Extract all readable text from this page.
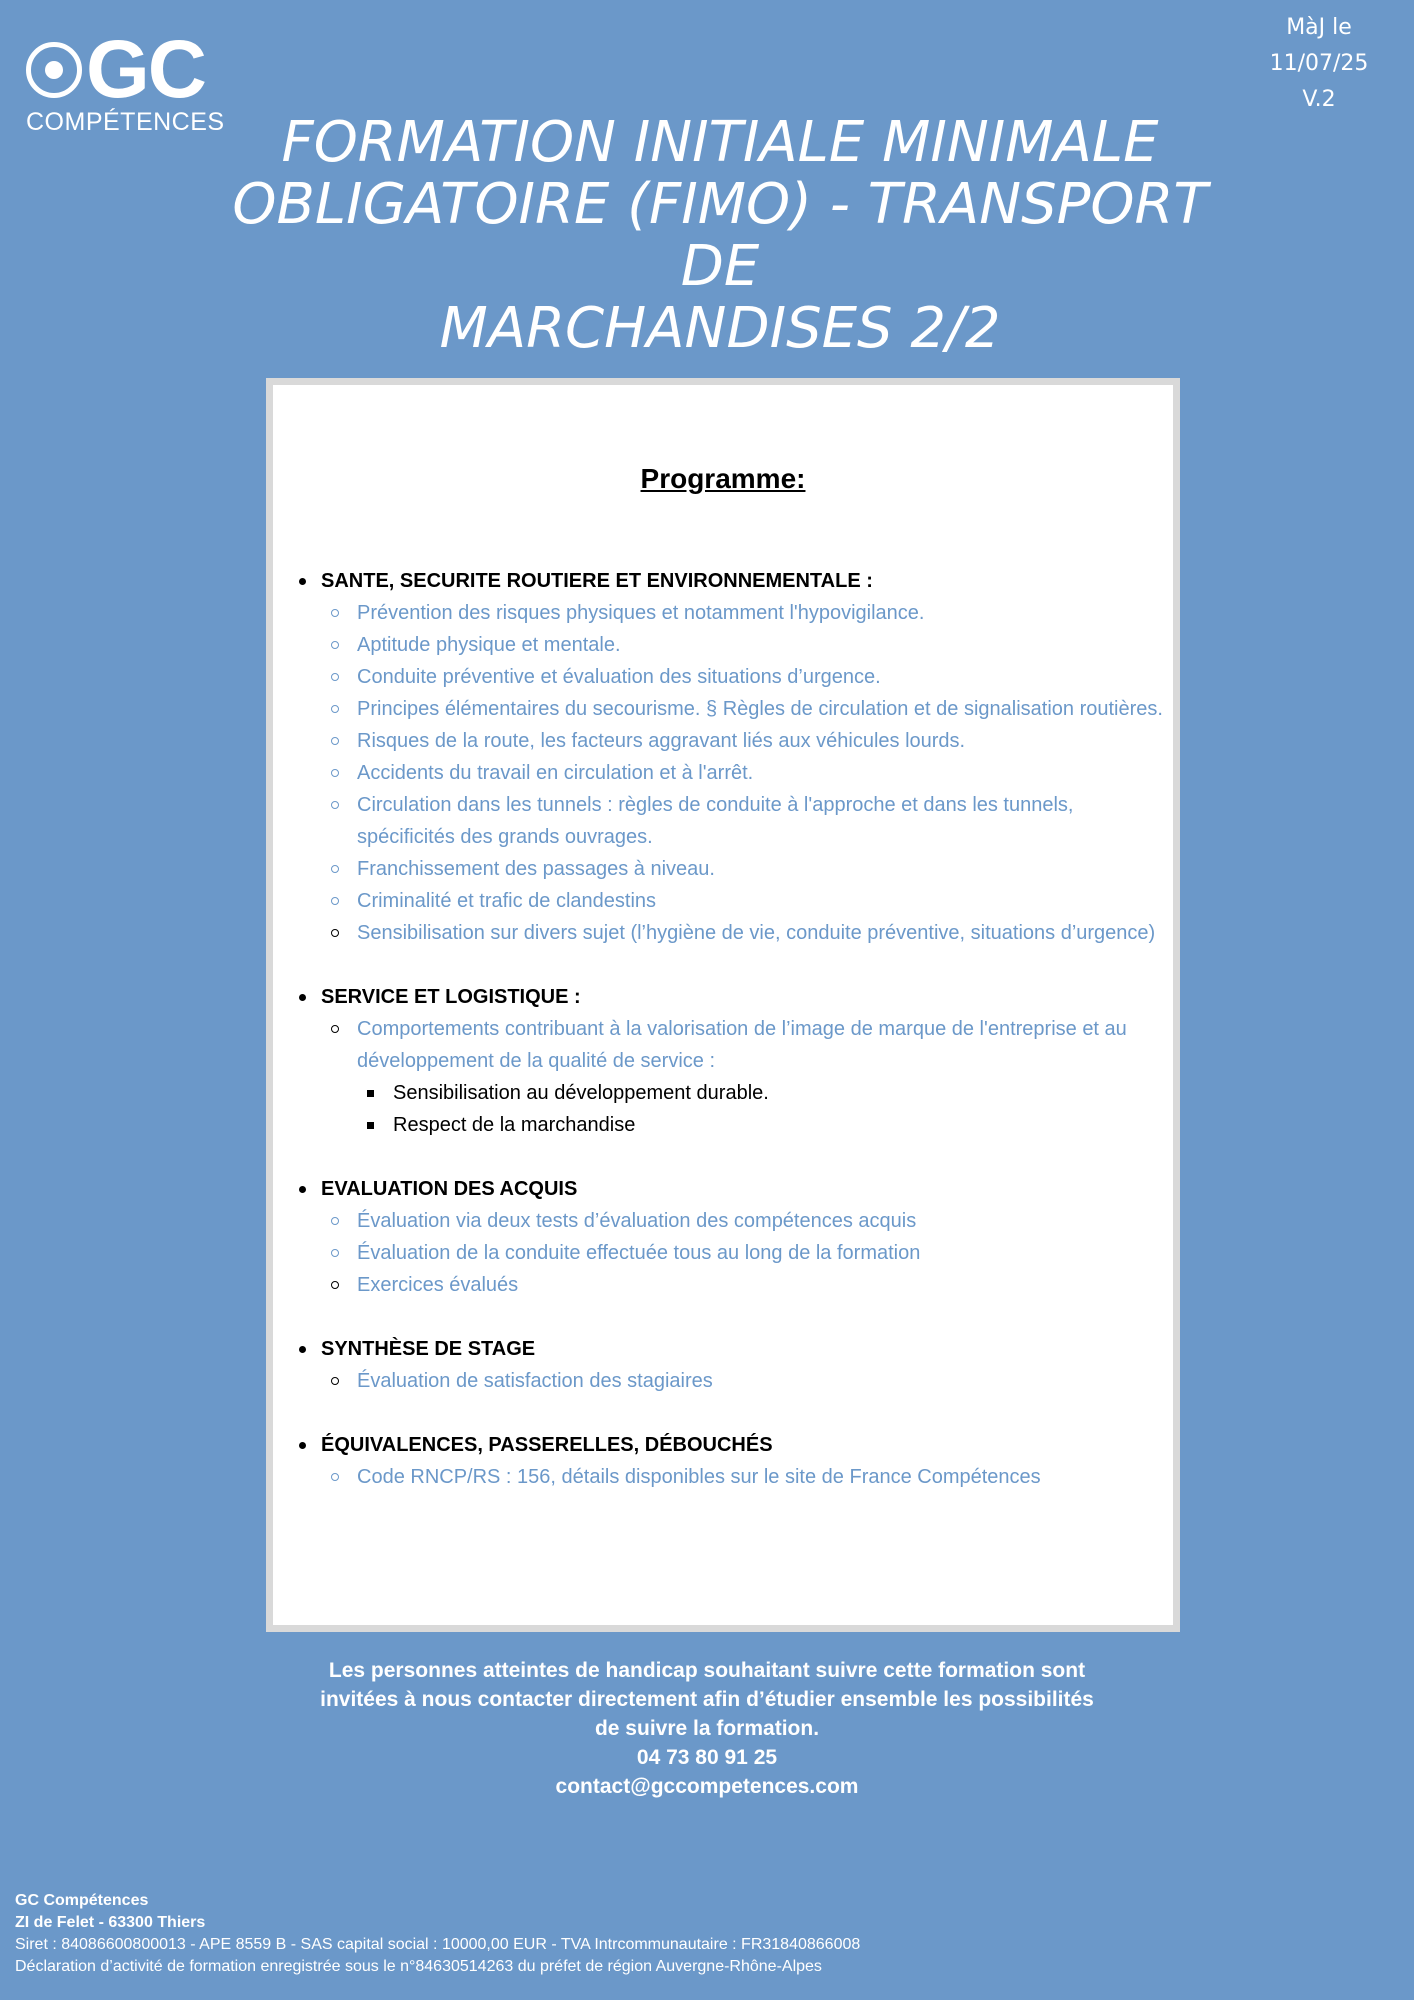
GC
COMPÉTENCES
MàJ le
11/07/25
V.2
FORMATION INITIALE MINIMALE
OBLIGATOIRE (FIMO) - TRANSPORT DE
MARCHANDISES 2/2
Programme:
SANTE, SECURITE ROUTIERE ET ENVIRONNEMENTALE :
Prévention des risques physiques et notamment l'hypovigilance.
Aptitude physique et mentale.
Conduite préventive et évaluation des situations d’urgence.
Principes élémentaires du secourisme. § Règles de circulation et de signalisation routières.
Risques de la route, les facteurs aggravant liés aux véhicules lourds.
Accidents du travail en circulation et à l'arrêt.
Circulation dans les tunnels : règles de conduite à l'approche et dans les tunnels, spécificités des grands ouvrages.
Franchissement des passages à niveau.
Criminalité et trafic de clandestins
Sensibilisation sur divers sujet (l’hygiène de vie, conduite préventive, situations d’urgence)
SERVICE ET LOGISTIQUE :
Comportements contribuant à la valorisation de l’image de marque de l'entreprise et au développement de la qualité de service :
Sensibilisation au développement durable.
Respect de la marchandise
EVALUATION DES ACQUIS
Évaluation via deux tests d’évaluation des compétences acquis
Évaluation de la conduite effectuée tous au long de la formation
Exercices évalués
SYNTHÈSE DE STAGE
Évaluation de satisfaction des stagiaires
ÉQUIVALENCES, PASSERELLES, DÉBOUCHÉS
Code RNCP/RS : 156, détails disponibles sur le site de France Compétences
Les personnes atteintes de handicap souhaitant suivre cette formation sont
invitées à nous contacter directement afin d’étudier ensemble les possibilités
de suivre la formation.
04 73 80 91 25
contact@gccompetences.com
GC Compétences
ZI de Felet - 63300 Thiers
Siret : 84086600800013 - APE 8559 B - SAS capital social : 10000,00 EUR - TVA Intrcommunautaire : FR31840866008
Déclaration d’activité de formation enregistrée sous le n°84630514263 du préfet de région Auvergne-Rhône-Alpes
